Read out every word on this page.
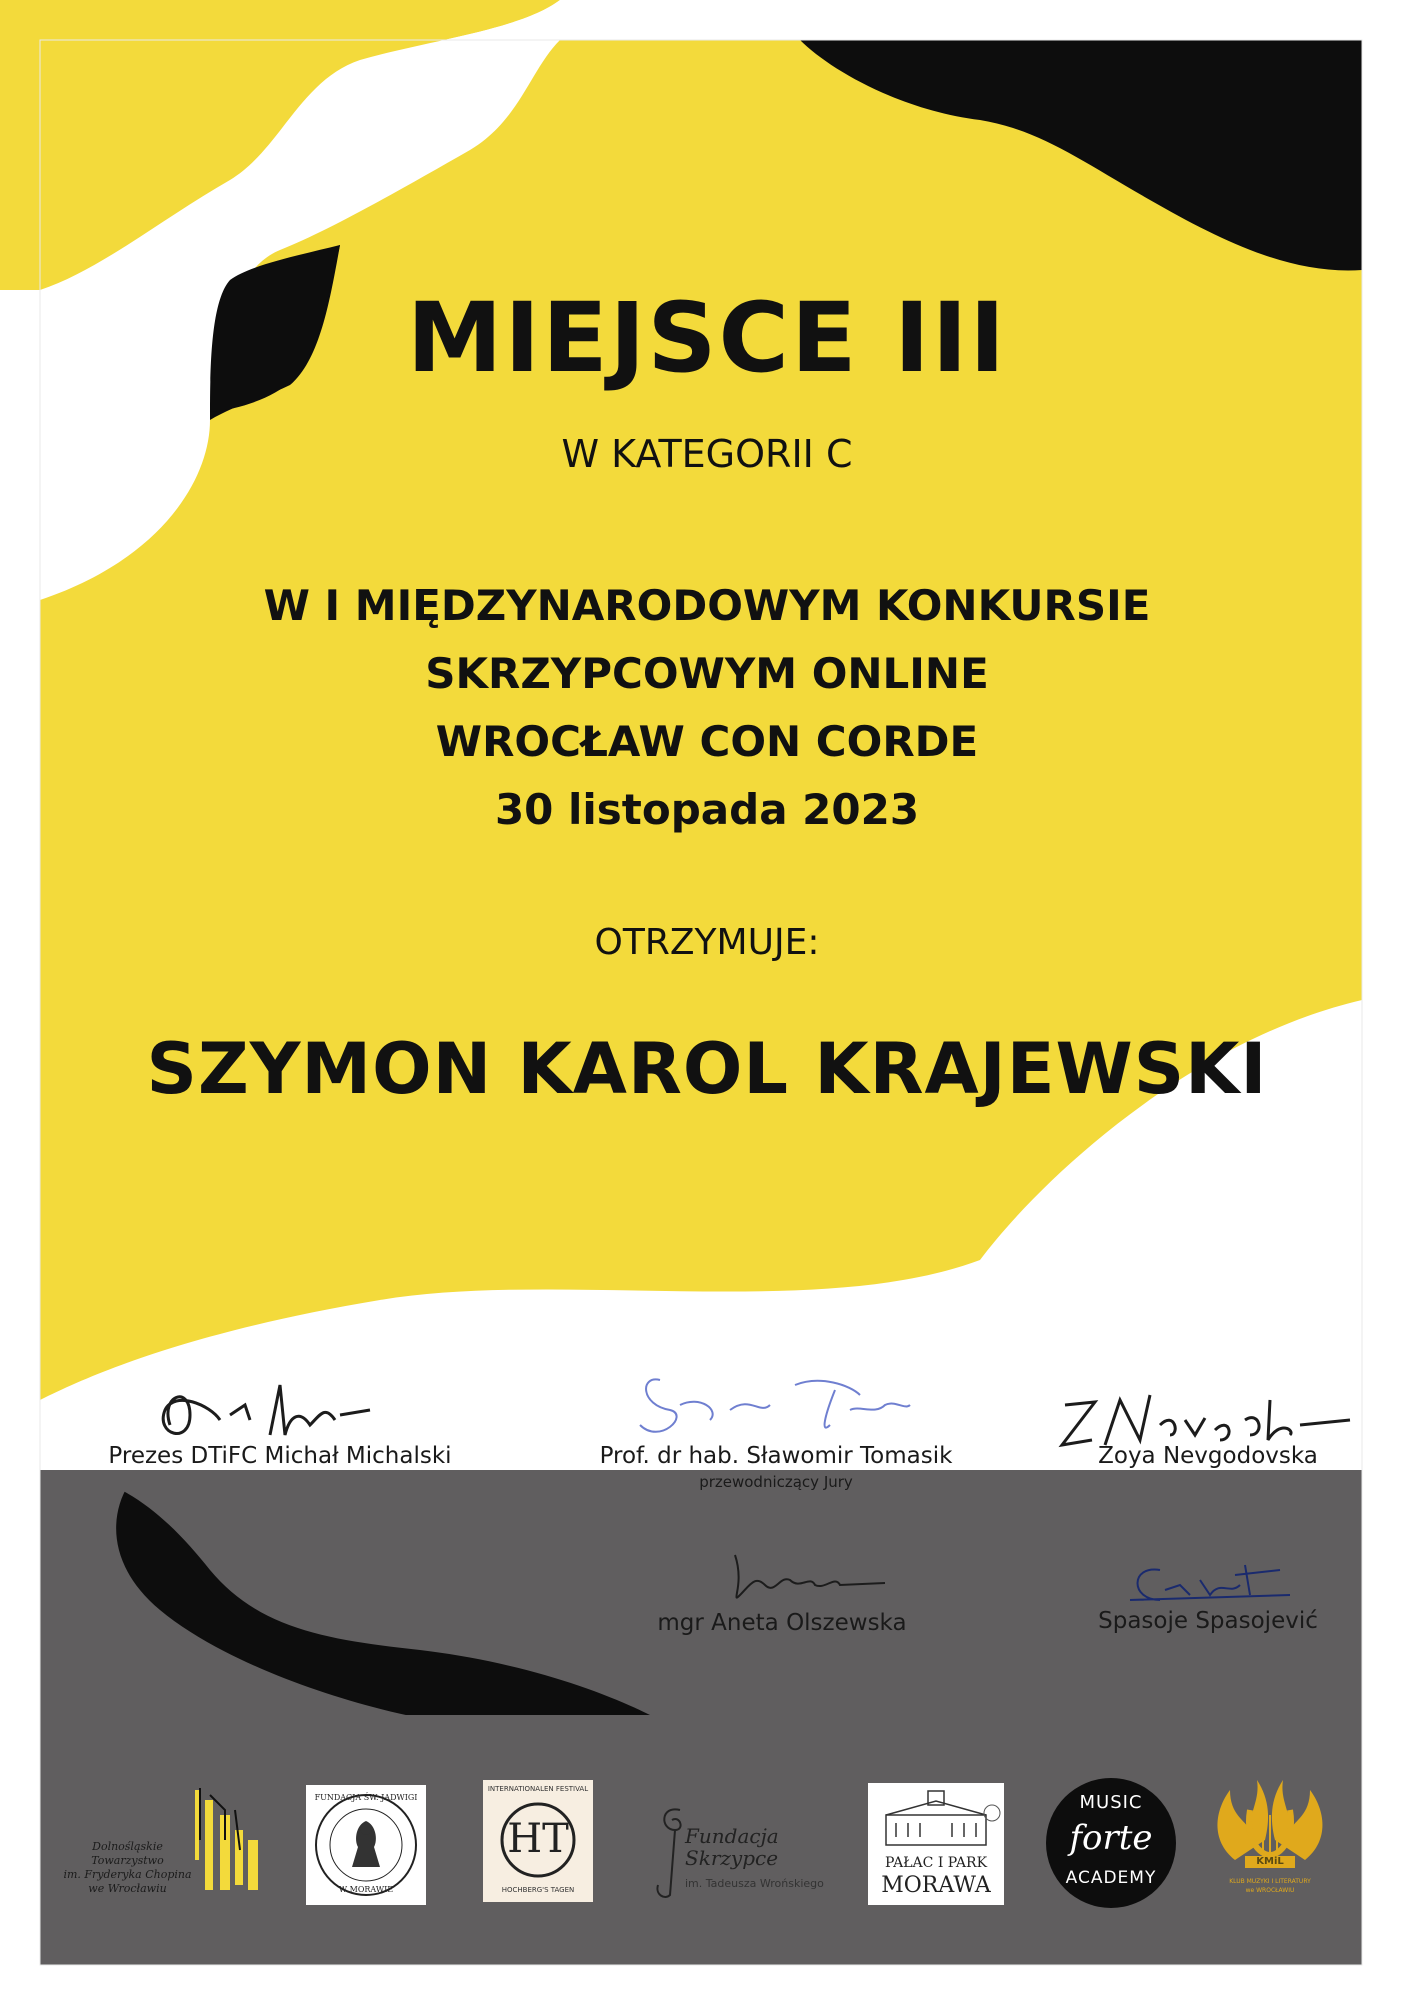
MIEJSCE III
W KATEGORII C
W I MIĘDZYNARODOWYM KONKURSIE
SKRZYPCOWYM ONLINE
WROCŁAW CON CORDE
30 listopada 2023
OTRZYMUJE:
SZYMON KAROL KRAJEWSKI
Prezes DTiFC Michał Michalski	Prof. dr hab. Sławomir Tomasik
przewodniczący Jury
Zoya Nevgodovska
mgr Aneta Olszewska	Spasoje Spasojević
Dolnośląskie Towarzystwo
im. Fryderyka Chopina
we Wrocławiu
FUNDACJA ŚW. JADWIGI
W MORAWIE
INTERNATIONALEN FESTIVAL
HT
HOCHBERG'S TAGEN
Fundacja
Skrzypce
im. Tadeusza Wrońskiego
PAŁAC I PARK
MORAWA
MUSIC
forte
ACADEMY
KMiL
KLUB MUZYKI I LITERATURY
we WROCŁAWIU
